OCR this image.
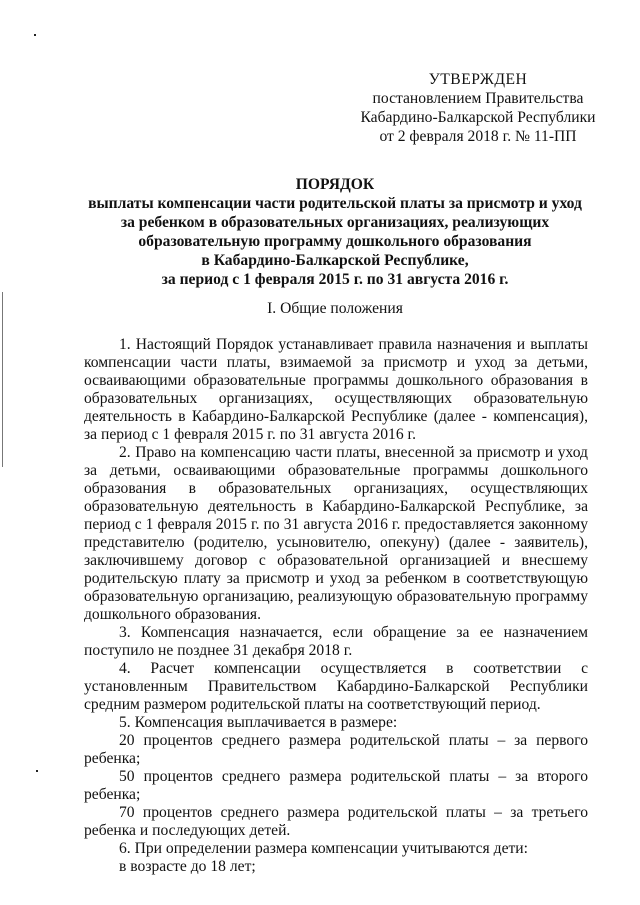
УТВЕРЖДЕН
постановлением Правительства
Кабардино-Балкарской Республики
от 2 февраля 2018 г. № 11-ПП
ПОРЯДОК
выплаты компенсации части родительской платы за присмотр и уход
за ребенком в образовательных организациях, реализующих
образовательную программу дошкольного образования
в Кабардино-Балкарской Республике,
за период с 1 февраля 2015 г. по 31 августа 2016 г.
I. Общие положения

1. Настоящий Порядок устанавливает правила назначения и выплаты компенсации части платы, взимаемой за присмотр и уход за детьми, осваивающими образовательные программы дошкольного образования в образовательных организациях, осуществляющих образовательную деятельность в Кабардино-Балкарской Республике (далее - компенсация), за период с 1 февраля 2015 г. по 31 августа 2016 г.

2. Право на компенсацию части платы, внесенной за присмотр и уход за детьми, осваивающими образовательные программы дошкольного образования в образовательных организациях, осуществляющих образовательную деятельность в Кабардино-Балкарской Республике, за период с 1 февраля 2015 г. по 31 августа 2016 г. предоставляется законному представителю (родителю, усыновителю, опекуну) (далее - заявитель), заключившему договор с образовательной организацией и внесшему родительскую плату за присмотр и уход за ребенком в соответствующую образовательную организацию, реализующую образовательную программу дошкольного образования.

3. Компенсация назначается, если обращение за ее назначением поступило не позднее 31 декабря 2018 г.

4. Расчет компенсации осуществляется в соответствии с установленным Правительством Кабардино-Балкарской Республики средним размером родительской платы на соответствующий период.

5. Компенсация выплачивается в размере:

20 процентов среднего размера родительской платы – за первого ребенка;

50 процентов среднего размера родительской платы – за второго ребенка;

70 процентов среднего размера родительской платы – за третьего ребенка и последующих детей.

6. При определении размера компенсации учитываются дети:

в возрасте до 18 лет;
